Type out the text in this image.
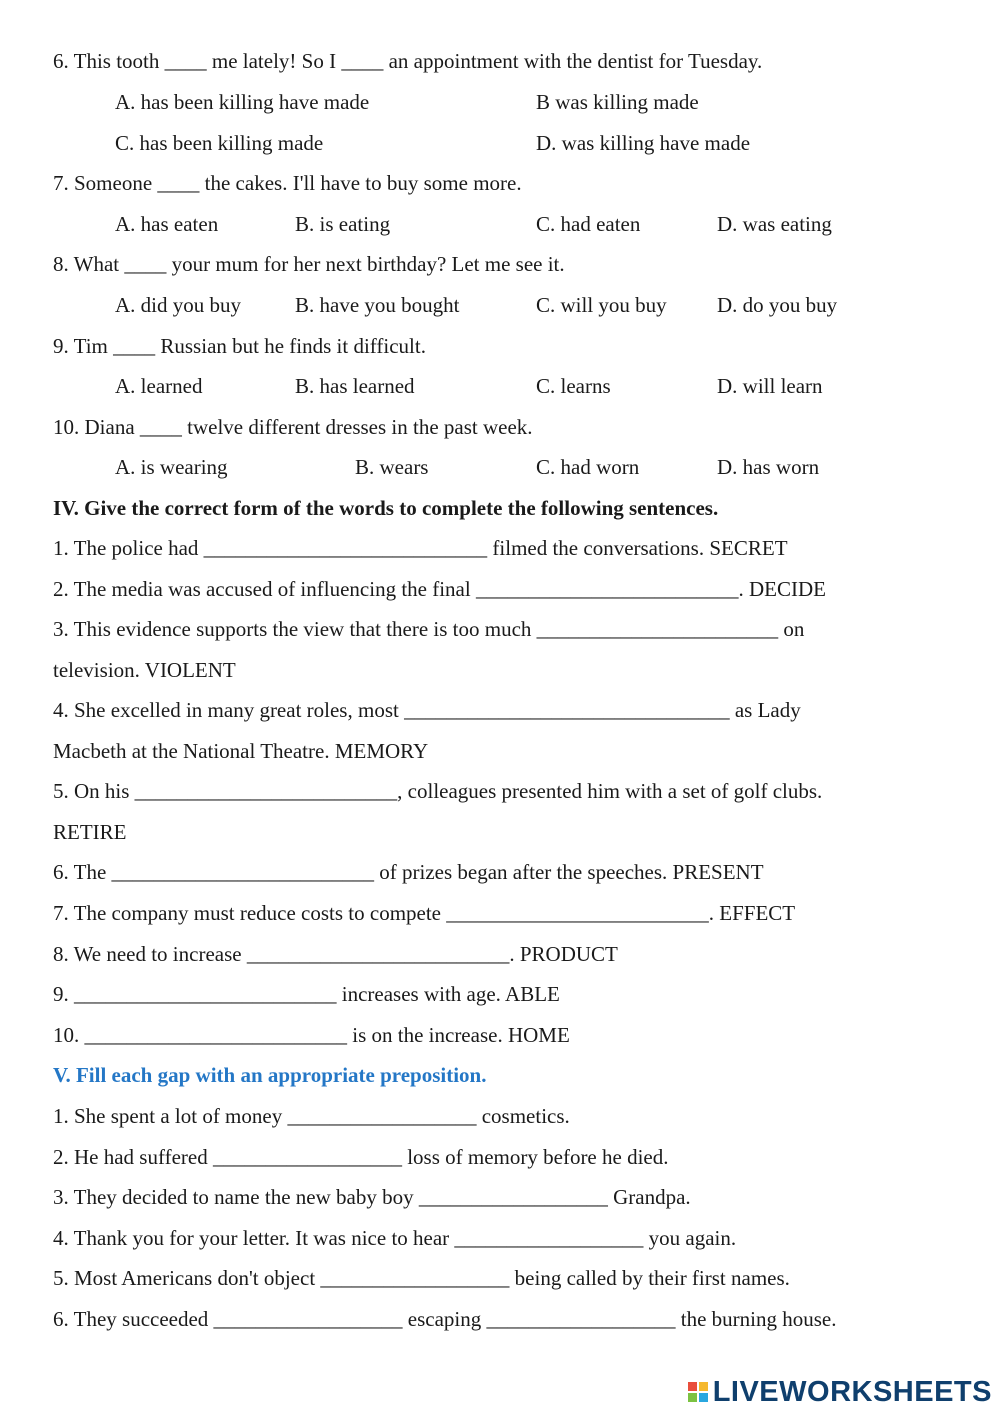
6. This tooth ____ me lately! So I ____ an appointment with the dentist for Tuesday.
A. has been killing have made	B was killing made
C. has been killing made	D. was killing have made
7. Someone ____ the cakes. I'll have to buy some more.
A. has eaten	B. is eating	C. had eaten	D. was eating
8. What ____ your mum for her next birthday? Let me see it.
A. did you buy	B. have you bought	C. will you buy D. do you buy
9. Tim ____ Russian but he finds it difficult.
A. learned	B. has learned	C. learns	D. will learn
10. Diana ____ twelve different dresses in the past week.
A. is wearing	B. wears	C. had worn	D. has worn
IV. Give the correct form of the words to complete the following sentences.
1. The police had ___________________________ filmed the conversations. SECRET
2. The media was accused of influencing the final _________________________. DECIDE
3. This evidence supports the view that there is too much _______________________ on
television. VIOLENT
4. She excelled in many great roles, most _______________________________ as Lady
Macbeth at the National Theatre. MEMORY
5. On his _________________________, colleagues presented him with a set of golf clubs.
RETIRE
6. The _________________________ of prizes began after the speeches. PRESENT
7. The company must reduce costs to compete _________________________. EFFECT
8. We need to increase _________________________. PRODUCT
9. _________________________ increases with age. ABLE
10. _________________________ is on the increase. HOME
V. Fill each gap with an appropriate preposition.
1. She spent a lot of money __________________ cosmetics.
2. He had suffered __________________ loss of memory before he died.
3. They decided to name the new baby boy __________________ Grandpa.
4. Thank you for your letter. It was nice to hear __________________ you again.
5. Most Americans don't object __________________ being called by their first names.
6. They succeeded __________________ escaping __________________ the burning house.
LIVEWORKSHEETS
